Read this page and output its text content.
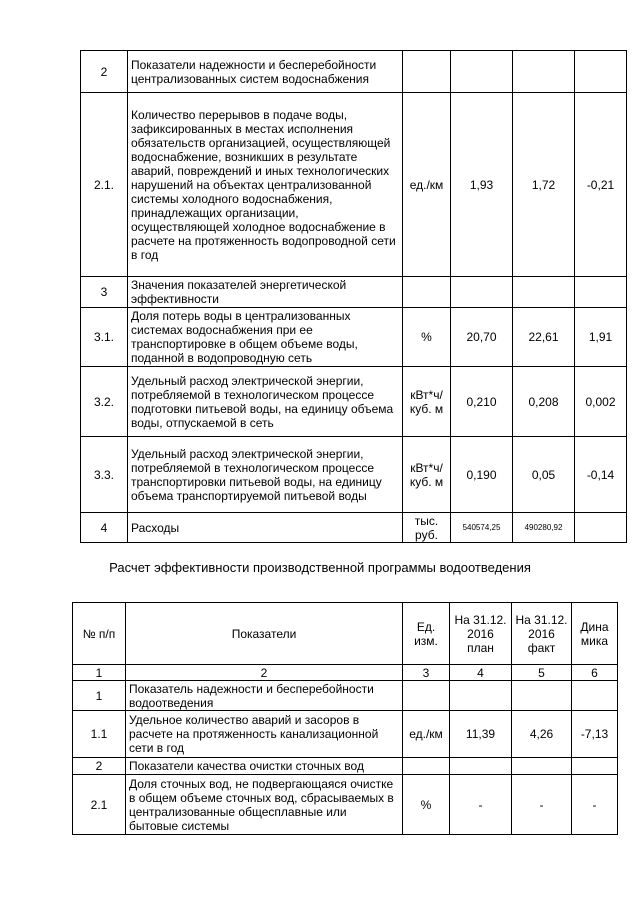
2	Показатели надежности и бесперебойности централизованных систем водоснабжения				
2.1.	Количество перерывов в подаче воды, зафиксированных в местах исполнения обязательств организацией, осуществляющей водоснабжение, возникших в результате аварий, повреждений и иных технологических нарушений на объектах централизованной системы холодного водоснабжения, принадлежащих организации, осуществляющей холодное водоснабжение в расчете на протяженность водопроводной сети в год	ед./км	1,93	1,72	-0,21
3	Значения показателей энергетической эффективности				
3.1.	Доля потерь воды в централизованных системах водоснабжения при ее транспортировке в общем объеме воды, поданной в водопроводную сеть	%	20,70	22,61	1,91
3.2.	Удельный расход электрической энергии, потребляемой в технологическом процессе подготовки питьевой воды, на единицу объема воды, отпускаемой в сеть	кВт*ч/куб. м	0,210	0,208	0,002
3.3.	Удельный расход электрической энергии, потребляемой в технологическом процессе транспортировки питьевой воды, на единицу объема транспортируемой питьевой воды	кВт*ч/куб. м	0,190	0,05	-0,14
4	Расходы	тыс. руб.	540574,25	490280,92	
Расчет эффективности производственной программы водоотведения
№ п/п	Показатели	Ед. изм.	На 31.12. 2016 план	На 31.12. 2016 факт	Дина мика
1	2	3	4	5	6
1	Показатель надежности и бесперебойности водоотведения				
1.1	Удельное количество аварий и засоров в расчете на протяженность канализационной сети в год	ед./км	11,39	4,26	-7,13
2	Показатели качества очистки сточных вод				
2.1	Доля сточных вод, не подвергающаяся очистке в общем объеме сточных вод, сбрасываемых в централизованные общесплавные или бытовые системы	%	-	-	-
